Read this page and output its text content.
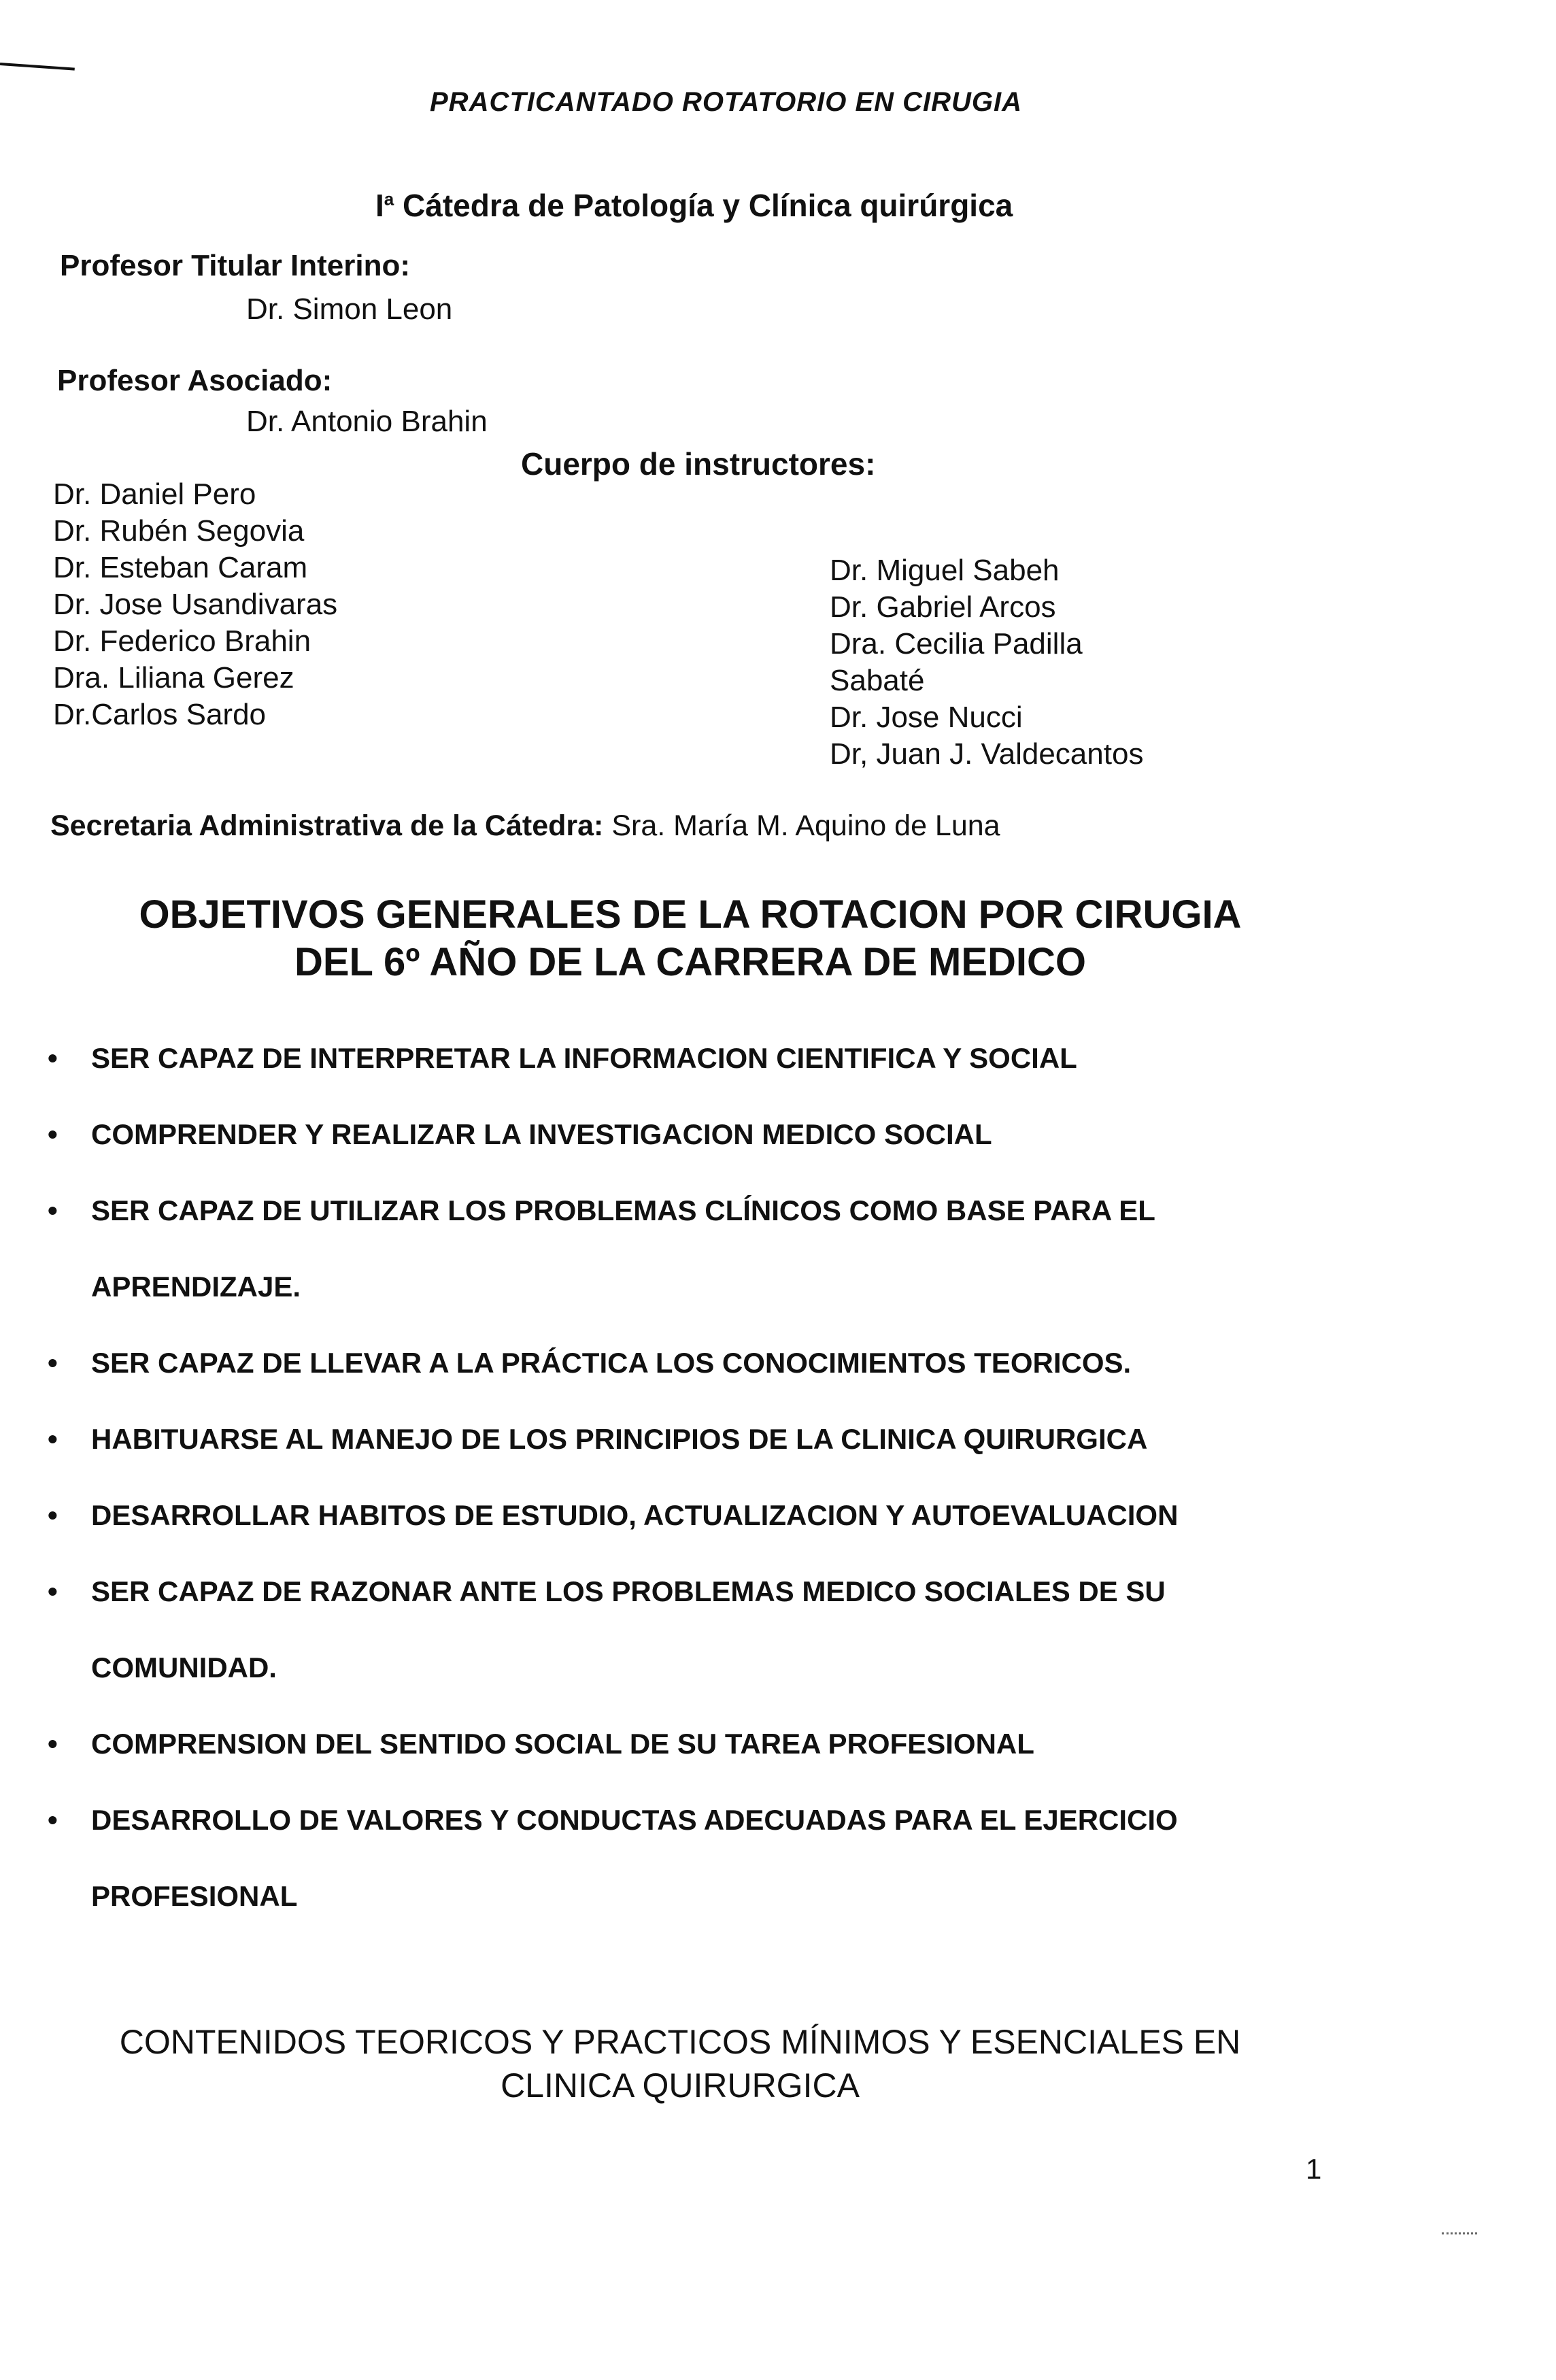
PRACTICANTADO ROTATORIO EN CIRUGIA
$I^a$ Cátedra de Patología y Clínica quirúrgica
Profesor Titular Interino:
Dr. Simon Leon
Profesor Asociado:
Dr. Antonio Brahin
Cuerpo de instructores:
Dr. Daniel Pero
Dr. Rubén Segovia
Dr. Esteban Caram
Dr. Jose Usandivaras
Dr. Federico Brahin
Dra. Liliana Gerez
Dr.Carlos Sardo
Dr. Miguel Sabeh
Dr. Gabriel Arcos
Dra. Cecilia Padilla
Sabaté
Dr. Jose Nucci
Dr, Juan J. Valdecantos
Secretaria Administrativa de la Cátedra: Sra. María M. Aquino de Luna
OBJETIVOS GENERALES DE LA ROTACION POR CIRUGIA
DEL 6º AÑO DE LA CARRERA DE MEDICO
• SER CAPAZ DE INTERPRETAR LA INFORMACION CIENTIFICA Y SOCIAL
• COMPRENDER Y REALIZAR LA INVESTIGACION MEDICO SOCIAL
• SER CAPAZ DE UTILIZAR LOS PROBLEMAS CLÍNICOS COMO BASE PARA EL
APRENDIZAJE.
• SER CAPAZ DE LLEVAR A LA PRÁCTICA LOS CONOCIMIENTOS TEORICOS.
• HABITUARSE AL MANEJO DE LOS PRINCIPIOS DE LA CLINICA QUIRURGICA
• DESARROLLAR HABITOS DE ESTUDIO, ACTUALIZACION Y AUTOEVALUACION
• SER CAPAZ DE RAZONAR ANTE LOS PROBLEMAS MEDICO SOCIALES DE SU
COMUNIDAD.
• COMPRENSION DEL SENTIDO SOCIAL DE SU TAREA PROFESIONAL
• DESARROLLO DE VALORES Y CONDUCTAS ADECUADAS PARA EL EJERCICIO
PROFESIONAL
CONTENIDOS TEORICOS Y PRACTICOS MÍNIMOS Y ESENCIALES EN
CLINICA QUIRURGICA
1
